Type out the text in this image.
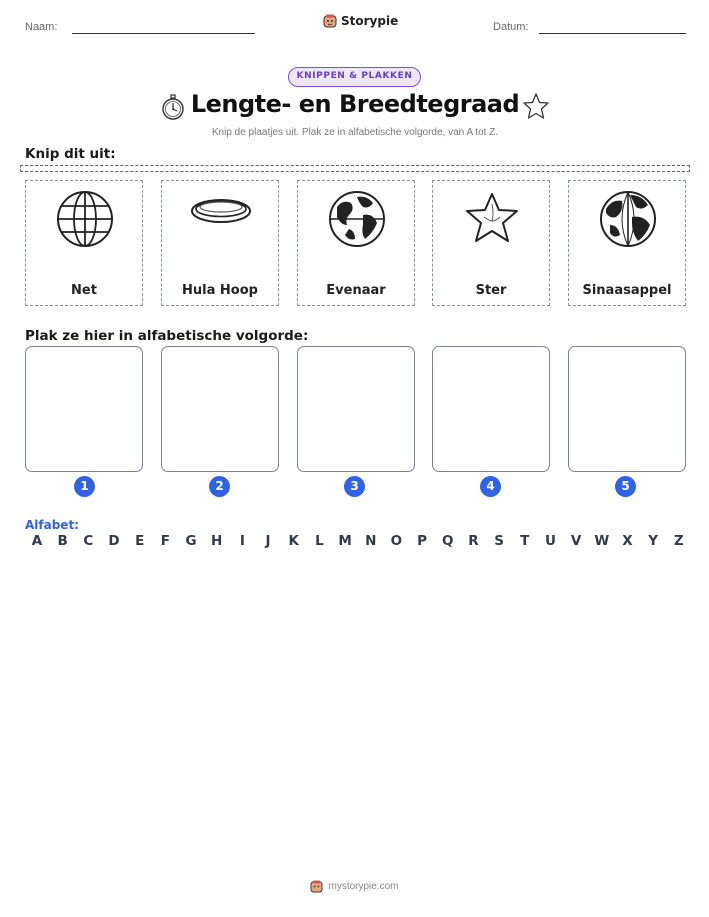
Naam:	Storypie	Datum:
KNIPPEN & PLAKKEN
Lengte- en Breedtegraad
Knip de plaatjes uit. Plak ze in alfabetische volgorde, van A tot Z.
Knip dit uit:
Net	Hula Hoop	Evenaar	Ster	Sinaasappel
Plak ze hier in alfabetische volgorde:
1	2	3	4	5
Alfabet:
A B C D	E	F	G H	I	J	K	L	M N O P Q R	S	T	U V W X	Y	Z
mystorypie.com
